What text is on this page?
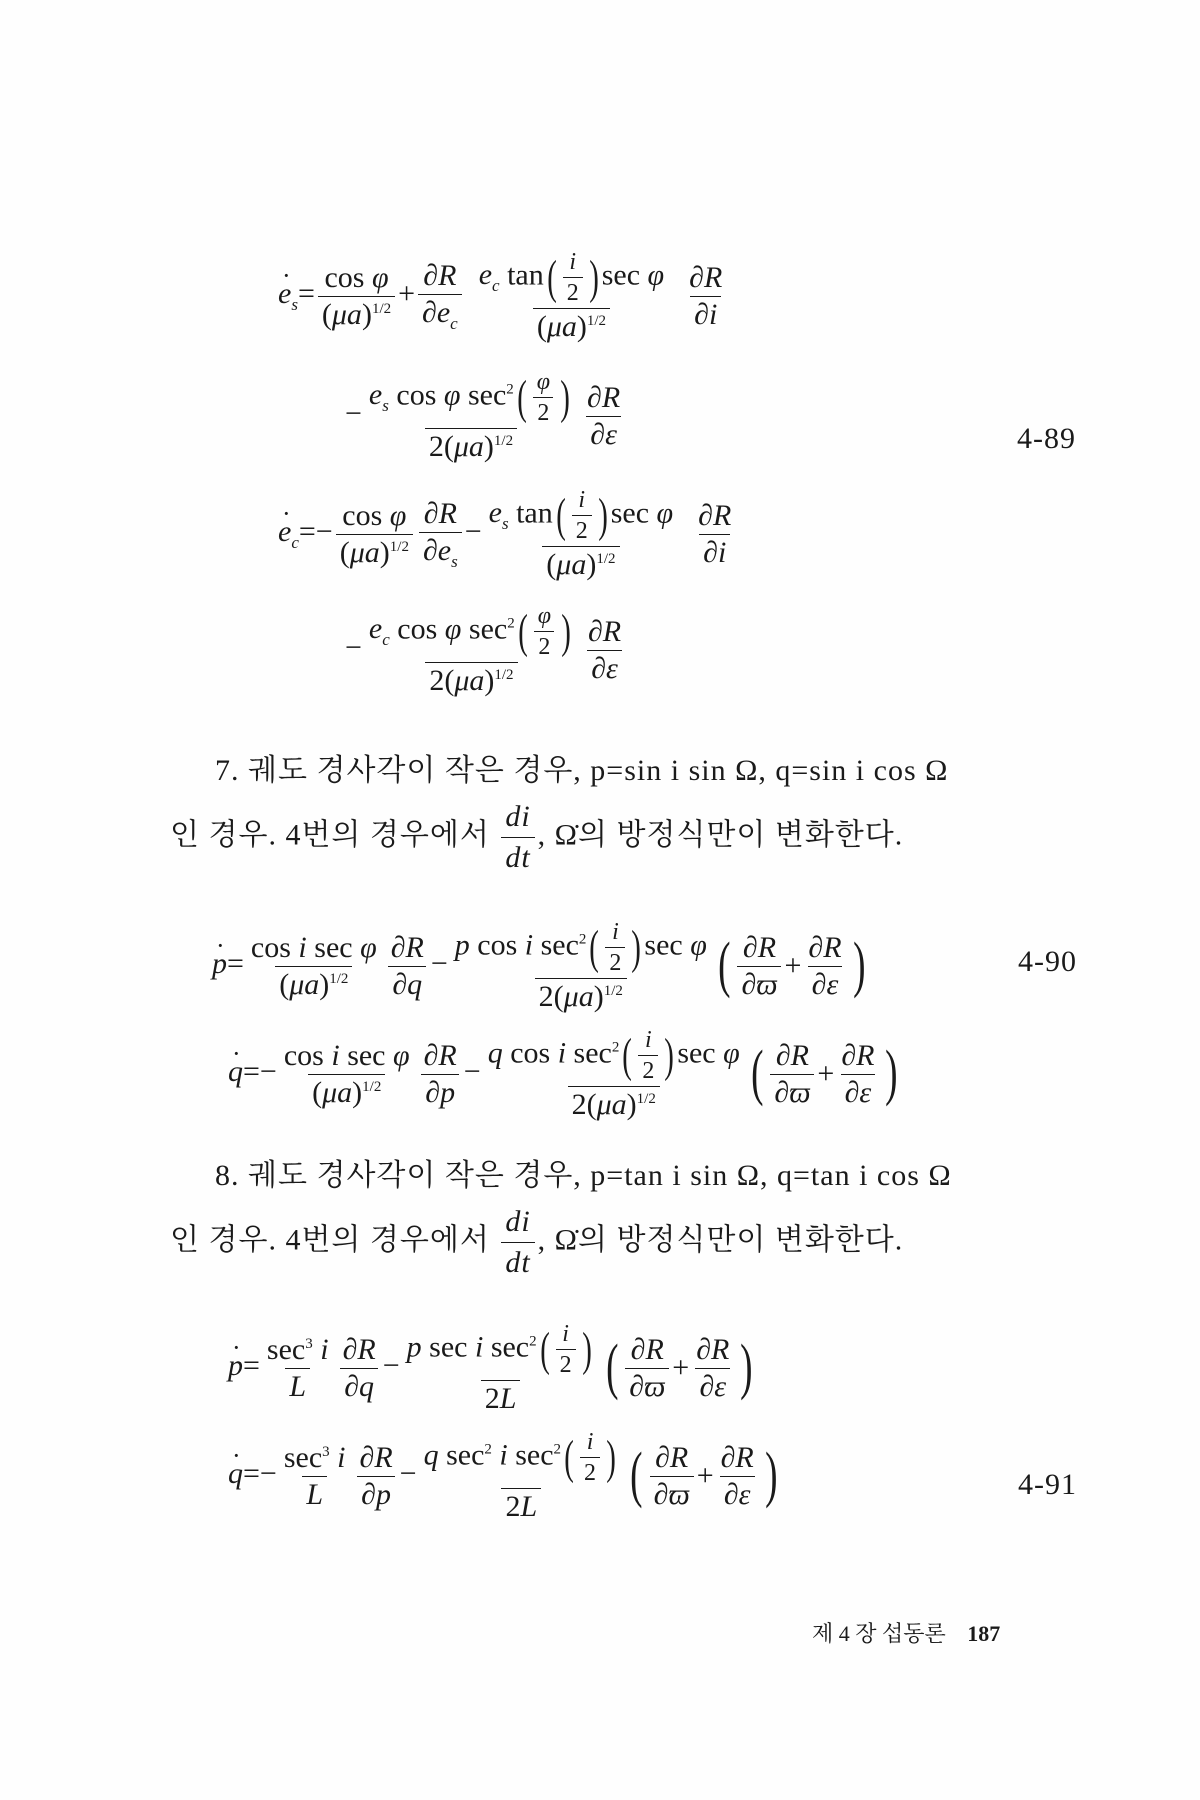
· $e_s= \frac{\text{cos φ}}{(\mu a)^{1/2}} + \frac{\partial R}{\partial e_c} \frac{e_c \tan ( \frac{i}{2} ) \sec \varphi}{(\mu a)^{1/2}} \frac{\partial R}{\partial i}$
− $\frac{e_s \cos \varphi \sec^2 ( \frac{\varphi}{2} )}{2(\mu a)^{1/2}} \frac{\partial R}{\partial\varepsilon}$	4-89
· $e_c=- \frac{\text{cos φ}}{(\mu a)^{1/2}} \frac{\partial R}{\partial e_s} - \frac{e_s \tan ( \frac{i}{2} ) \sec \varphi}{(\mu a)^{1/2}} \frac{\partial R}{\partial i}$
− $\frac{e_c \cos \varphi \sec^2 ( \frac{\varphi}{2} )}{2(\mu a)^{1/2}} \frac{\partial R}{\partial\varepsilon}$
7. 궤도 경사각이 작은 경우, p=sin i sin Ω, q=sin i cos Ω
인 경우. 4번의 경우에서 $\frac{di}{dt}$ , Ω̇의 방정식만이 변화한다.
· $p= \frac{\text{cos i sec φ}}{(\mu a)^{1/2}} \frac{\partial R}{\partial q} - \frac{p \cos i \sec^2 ( \frac{i}{2} ) \sec \varphi}{2(\mu a)^{1/2}}$ ( $\frac{\partial R}{\partial ϖ} + \frac{\partial R}{\partial\varepsilon}$ )	4-90
· $q=- \frac{\text{cos i sec φ}}{(\mu a)^{1/2}} \frac{\partial R}{\partial p} - \frac{q \cos i \sec^2 ( \frac{i}{2} ) \sec \varphi}{2(\mu a)^{1/2}}$ ( $\frac{\partial R}{\partial ϖ} + \frac{\partial R}{\partial\varepsilon}$ )
8. 궤도 경사각이 작은 경우, p=tan i sin Ω, q=tan i cos Ω
인 경우. 4번의 경우에서 $\frac{di}{dt}$ , Ω̇의 방정식만이 변화한다.
· $p= \frac{\sec^3 i}{L} \frac{\partial R}{\partial q} - \frac{p \sec i \sec^2 ( \frac{i}{2} )}{2L}$ ( $\frac{\partial R}{\partial ϖ} + \frac{\partial R}{\partial\varepsilon}$ )
· $q=- \frac{\sec^3 i}{L} \frac{\partial R}{\partial p} - \frac{q \sec^2 i \sec^2 ( \frac{i}{2} )}{2L}$ ( $\frac{\partial R}{\partial ϖ} + \frac{\partial R}{\partial\varepsilon}$ )	4-91
제 4 장 섭동론 187
